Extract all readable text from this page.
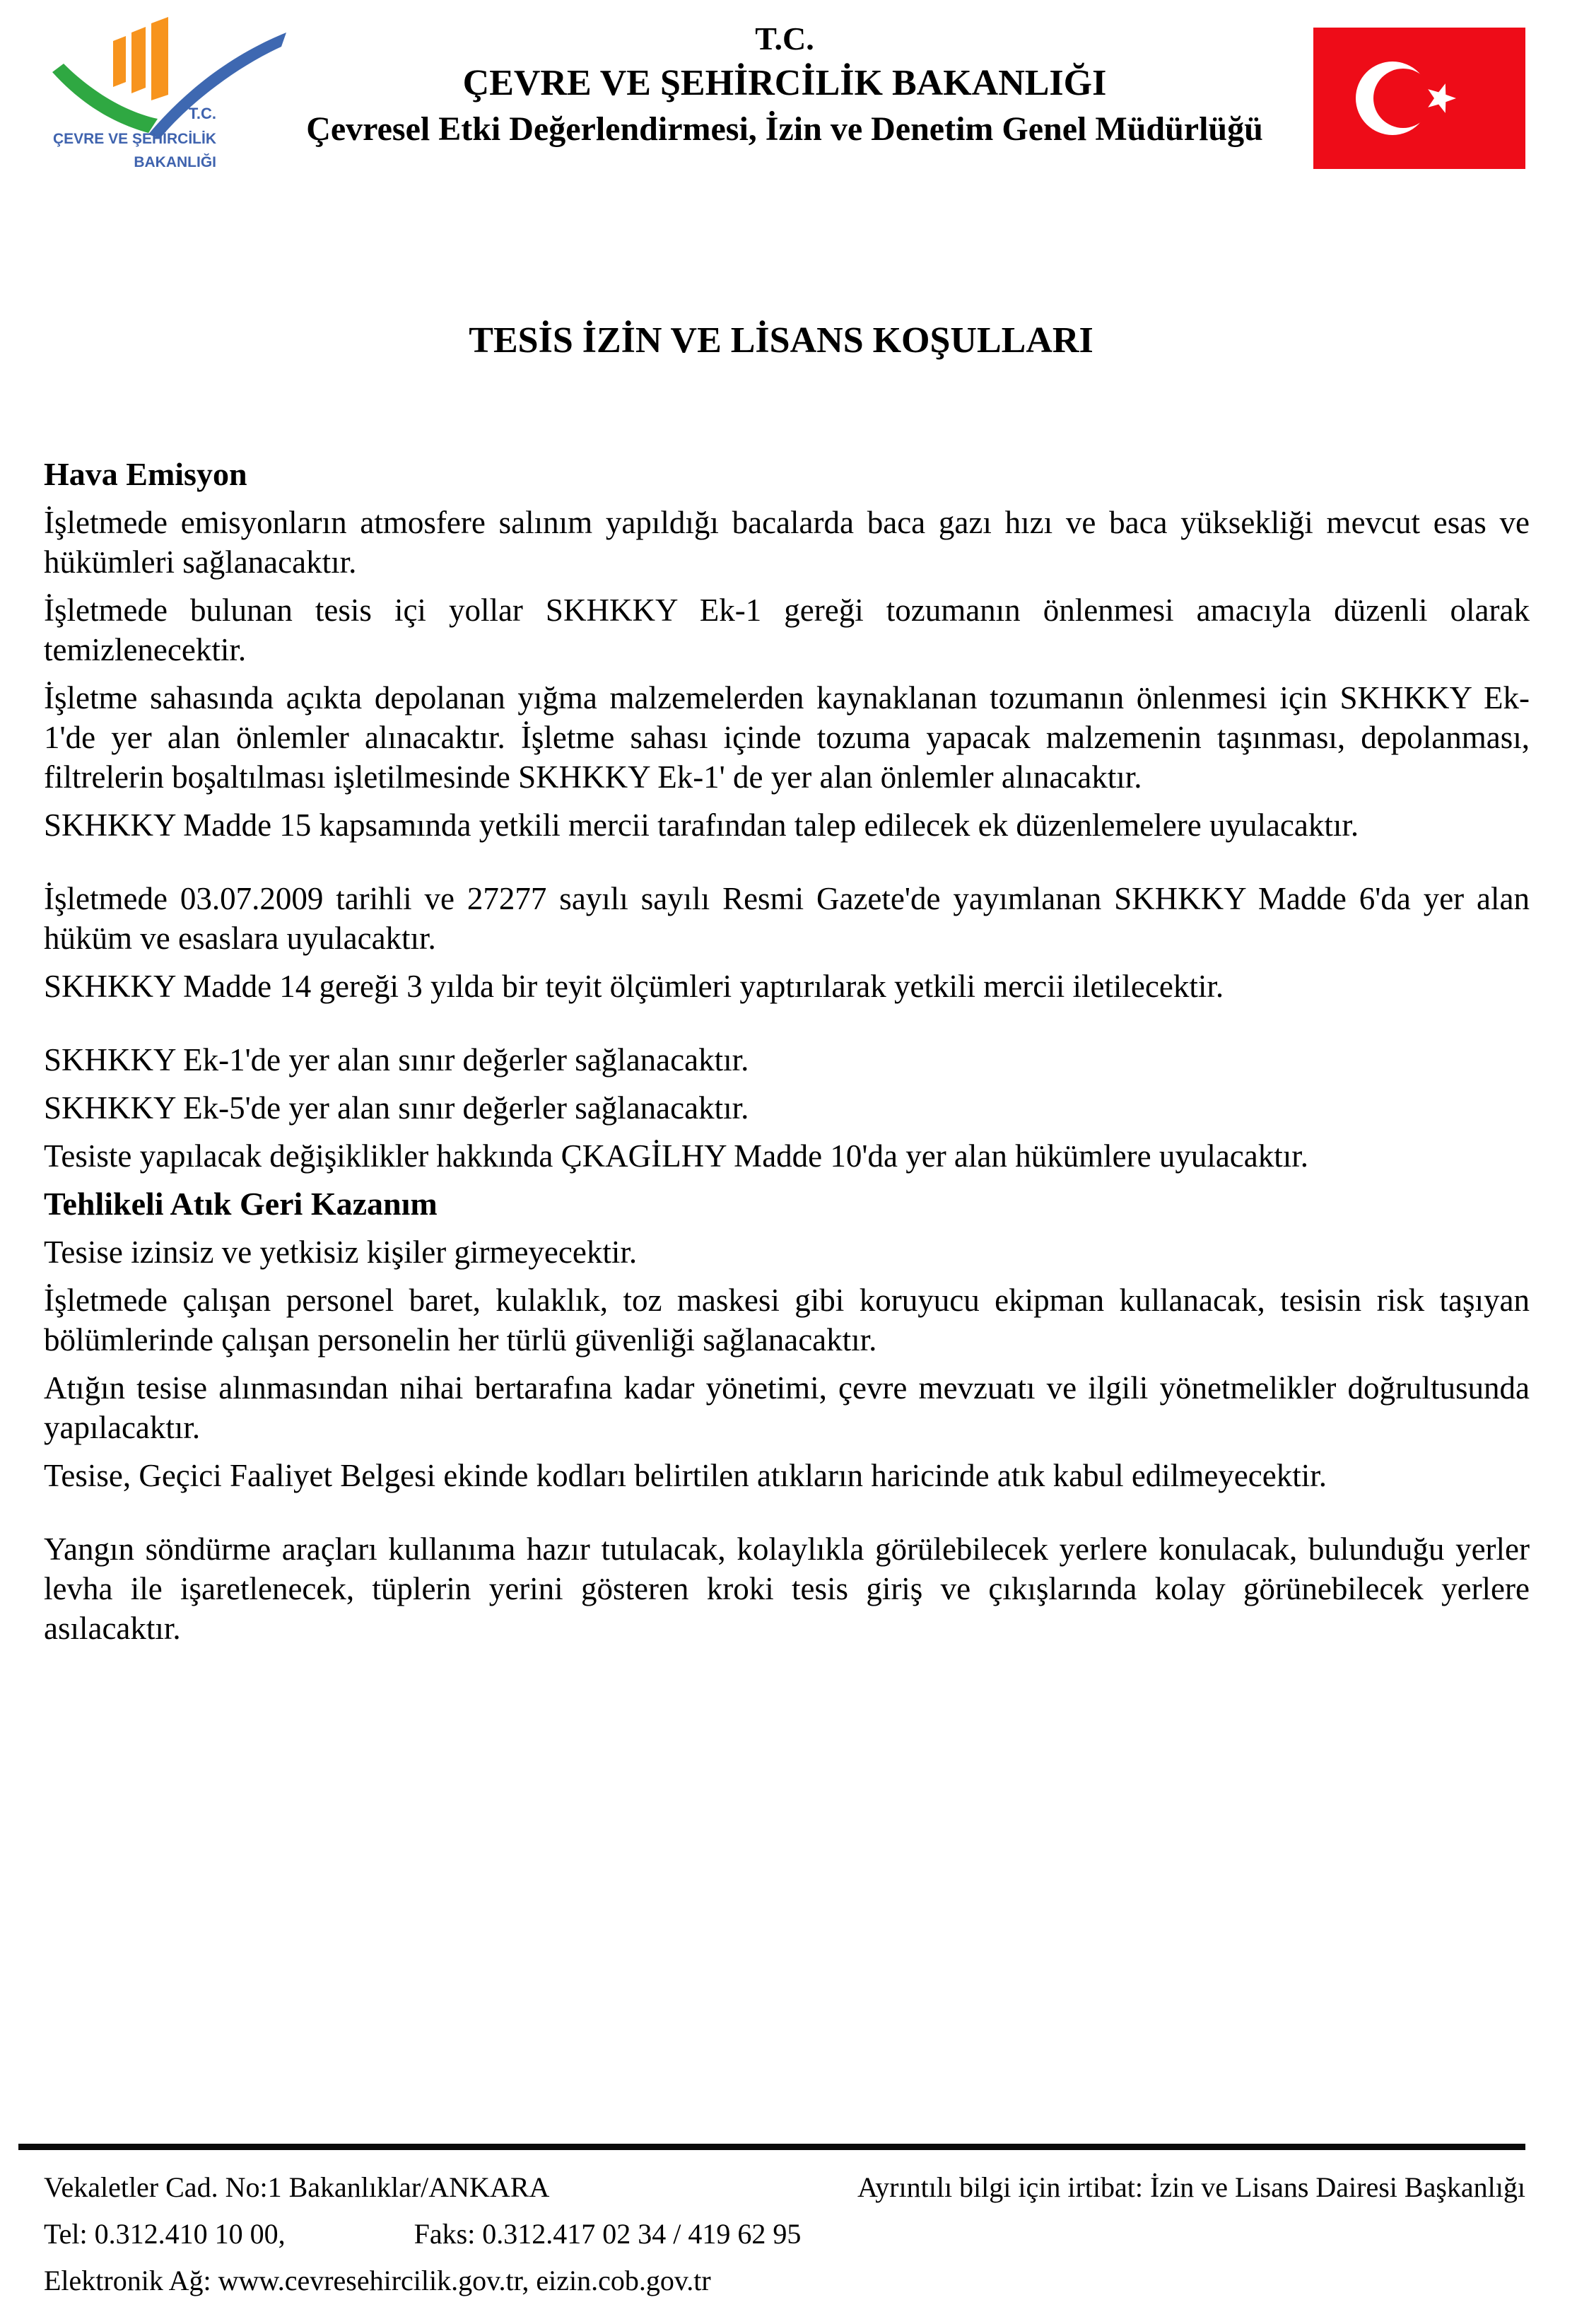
T.C.
ÇEVRE VE ŞEHİRCİLİK
BAKANLIĞI
T.C.
ÇEVRE VE ŞEHİRCİLİK BAKANLIĞI
Çevresel Etki Değerlendirmesi, İzin ve Denetim Genel Müdürlüğü
TESİS İZİN VE LİSANS KOŞULLARI
Hava Emisyon

İşletmede emisyonların atmosfere salınım yapıldığı bacalarda baca gazı hızı ve baca yüksekliği mevcut esas ve hükümleri sağlanacaktır.

İşletmede bulunan tesis içi yollar SKHKKY Ek-1 gereği tozumanın önlenmesi amacıyla düzenli olarak temizlenecektir.

İşletme sahasında açıkta depolanan yığma malzemelerden kaynaklanan tozumanın önlenmesi için SKHKKY Ek-1'de yer alan önlemler alınacaktır. İşletme sahası içinde tozuma yapacak malzemenin taşınması, depolanması, filtrelerin boşaltılması işletilmesinde SKHKKY Ek-1' de yer alan önlemler alınacaktır.

SKHKKY Madde 15 kapsamında yetkili mercii tarafından talep edilecek ek düzenlemelere uyulacaktır.

İşletmede 03.07.2009 tarihli ve 27277 sayılı sayılı Resmi Gazete'de yayımlanan SKHKKY Madde 6'da yer alan hüküm ve esaslara uyulacaktır.

SKHKKY Madde 14 gereği 3 yılda bir teyit ölçümleri yaptırılarak yetkili mercii iletilecektir.

SKHKKY Ek-1'de yer alan sınır değerler sağlanacaktır.

SKHKKY Ek-5'de yer alan sınır değerler sağlanacaktır.

Tesiste yapılacak değişiklikler hakkında ÇKAGİLHY Madde 10'da yer alan hükümlere uyulacaktır.

Tehlikeli Atık Geri Kazanım

Tesise izinsiz ve yetkisiz kişiler girmeyecektir.

İşletmede çalışan personel baret, kulaklık, toz maskesi gibi koruyucu ekipman kullanacak, tesisin risk taşıyan bölümlerinde çalışan personelin her türlü güvenliği sağlanacaktır.

Atığın tesise alınmasından nihai bertarafına kadar yönetimi, çevre mevzuatı ve ilgili yönetmelikler doğrultusunda yapılacaktır.

Tesise, Geçici Faaliyet Belgesi ekinde kodları belirtilen atıkların haricinde atık kabul edilmeyecektir.

Yangın söndürme araçları kullanıma hazır tutulacak, kolaylıkla görülebilecek yerlere konulacak, bulunduğu yerler levha ile işaretlenecek, tüplerin yerini gösteren kroki tesis giriş ve çıkışlarında kolay görünebilecek yerlere asılacaktır.

Vekaletler Cad. No:1 Bakanlıklar/ANKARA	Ayrıntılı bilgi için irtibat: İzin ve Lisans Dairesi Başkanlığı
Tel: 0.312.410 10 00,	Faks: 0.312.417 02 34 / 419 62 95
Elektronik Ağ: www.cevresehircilik.gov.tr, eizin.cob.gov.tr
